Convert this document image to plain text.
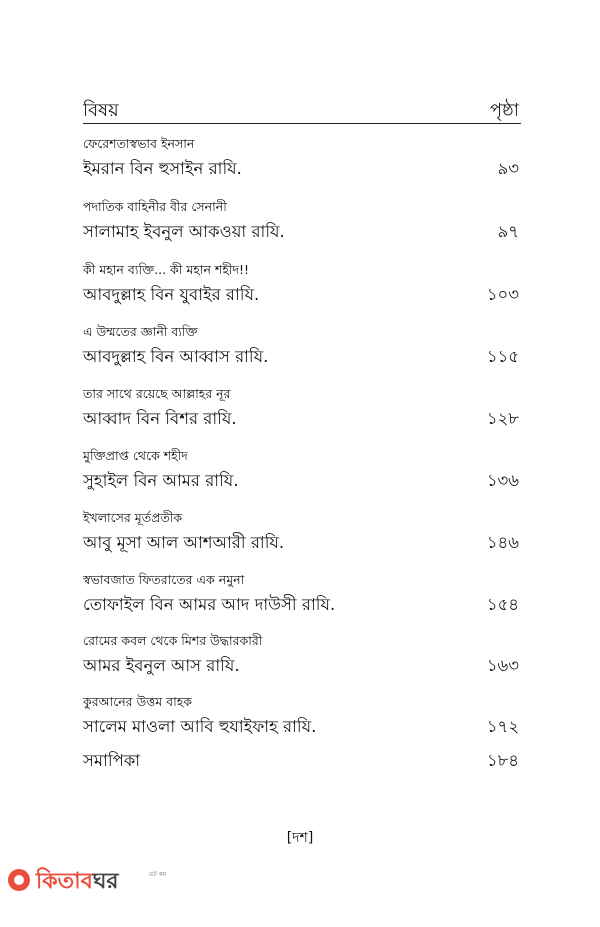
বিষয়	পৃষ্ঠা
ফেরেশতাস্বভাব ইনসান
ইমরান বিন হুসাইন রাযি.	৯৩
পদাতিক বাহিনীর বীর সেনানী
সালামাহ ইবনুল আকওয়া রাযি.	৯৭
কী মহান ব্যক্তি... কী মহান শহীদ!!
আবদুল্লাহ বিন যুবাইর রাযি.	১০৩
এ উম্মতের জ্ঞানী ব্যক্তি
আবদুল্লাহ বিন আব্বাস রাযি.	১১৫
তার সাথে রয়েছে আল্লাহর নূর
আব্বাদ বিন বিশর রাযি.	১২৮
মুক্তিপ্রাপ্ত থেকে শহীদ
সুহাইল বিন আমর রাযি.	১৩৬
ইখলাসের মূর্তপ্রতীক
আবু মূসা আল আশআরী রাযি.	১৪৬
স্বভাবজাত ফিতরাতের এক নমুনা
তোফাইল বিন আমর আদ দাউসী রাযি.	১৫৪
রোমের কবল থেকে মিশর উদ্ধারকারী
আমর ইবনুল আস রাযি.	১৬৩
কুরআনের উত্তম বাহক
সালেম মাওলা আবি হুযাইফাহ রাযি.	১৭২
সমাপিকা	১৮৪
[দশ]
কিতাবঘর	ডট কম
